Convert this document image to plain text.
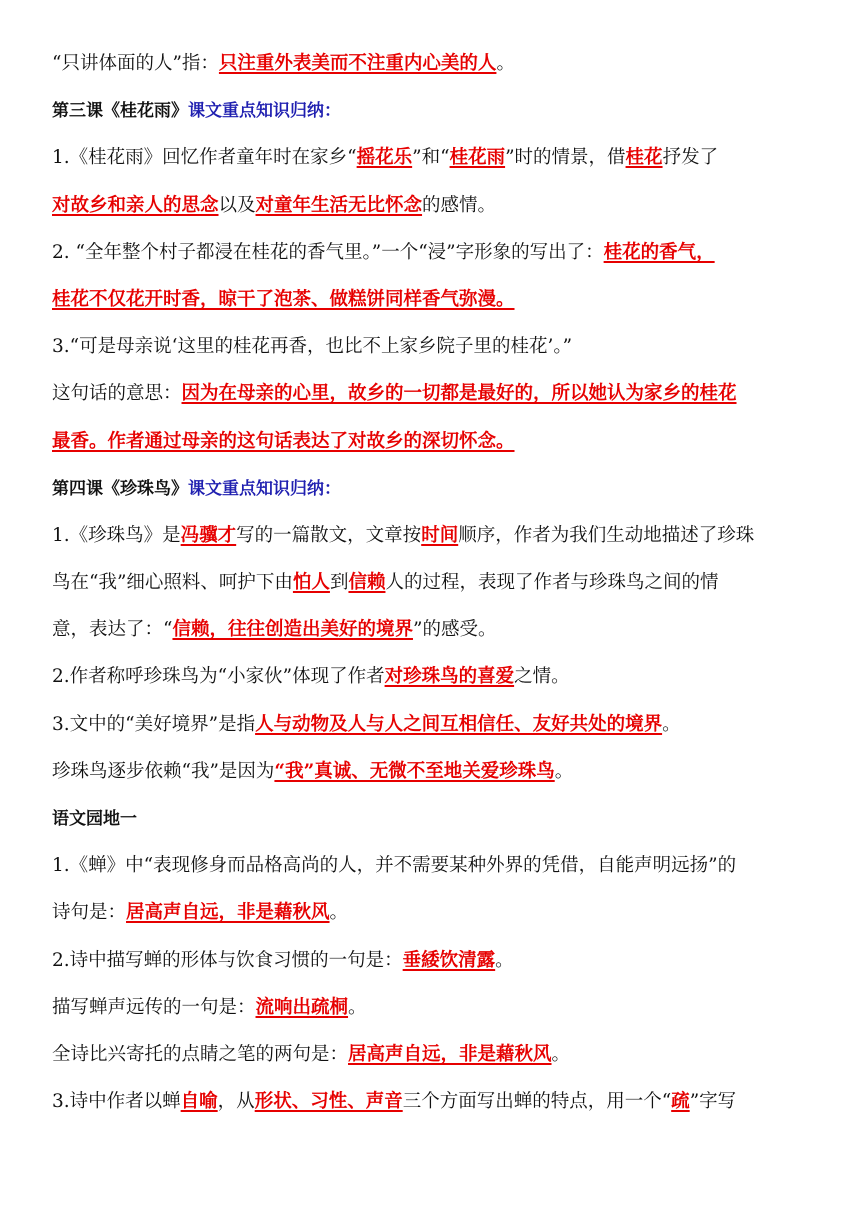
“只讲体面的人”指：只注重外表美而不注重内心美的人。
第三课《桂花雨》课文重点知识归纳：
1.《桂花雨》回忆作者童年时在家乡“摇花乐”和“桂花雨”时的情景，借桂花抒发了
对故乡和亲人的思念以及对童年生活无比怀念的感情。
2. “全年整个村子都浸在桂花的香气里。”一个“浸”字形象的写出了：桂花的香气，
桂花不仅花开时香，晾干了泡茶、做糕饼同样香气弥漫。
3.“可是母亲说‘这里的桂花再香，也比不上家乡院子里的桂花’。”
这句话的意思：因为在母亲的心里，故乡的一切都是最好的，所以她认为家乡的桂花
最香。作者通过母亲的这句话表达了对故乡的深切怀念。
第四课《珍珠鸟》课文重点知识归纳：
1.《珍珠鸟》是冯骥才写的一篇散文，文章按时间顺序，作者为我们生动地描述了珍珠
鸟在“我”细心照料、呵护下由怕人到信赖人的过程，表现了作者与珍珠鸟之间的情
意，表达了：“信赖，往往创造出美好的境界”的感受。
2.作者称呼珍珠鸟为“小家伙”体现了作者对珍珠鸟的喜爱之情。
3.文中的“美好境界”是指人与动物及人与人之间互相信任、友好共处的境界。
珍珠鸟逐步依赖“我”是因为“我”真诚、无微不至地关爱珍珠鸟。
语文园地一
1.《蝉》中“表现修身而品格高尚的人，并不需要某种外界的凭借，自能声明远扬”的
诗句是：居高声自远，非是藉秋风。
2.诗中描写蝉的形体与饮食习惯的一句是：垂緌饮清露。
描写蝉声远传的一句是：流响出疏桐。
全诗比兴寄托的点睛之笔的两句是：居高声自远，非是藉秋风。
3.诗中作者以蝉自喻，从形状、习性、声音三个方面写出蝉的特点，用一个“疏”字写
